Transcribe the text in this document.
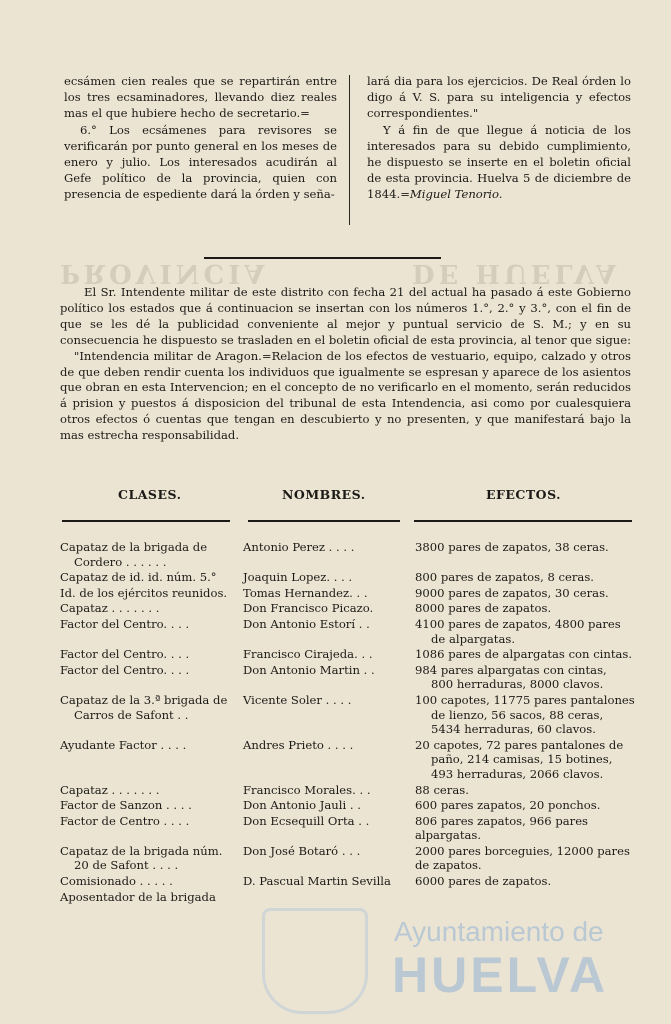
ecsámen cien reales que se repartirán entre los tres ecsaminadores, llevando diez reales mas el que hubiere hecho de secretario.=

6.° Los ecsámenes para revisores se verificarán por punto general en los meses de enero y julio. Los interesados acudirán al Gefe político de la provincia, quien con presencia de espediente dará la órden y seña-

lará dia para los ejercicios. De Real órden lo digo á V. S. para su inteligencia y efectos correspondientes."

Y á fin de que llegue á noticia de los interesados para su debido cumplimiento, he dispuesto se inserte en el boletin oficial de esta provincia. Huelva 5 de diciembre de 1844.=Miguel Tenorio.

PROVINCIA	DE HUELVA

El Sr. Intendente militar de este distrito con fecha 21 del actual ha pasado á este Gobierno político los estados que á continuacion se insertan con los números 1.°, 2.° y 3.°, con el fin de que se les dé la publicidad conveniente al mejor y puntual servicio de S. M.; y en su consecuencia he dispuesto se trasladen en el boletin oficial de esta provincia, al tenor que sigue:

"Intendencia militar de Aragon.=Relacion de los efectos de vestuario, equipo, calzado y otros de que deben rendir cuenta los individuos que igualmente se espresan y aparece de los asientos que obran en esta Intervencion; en el concepto de no verificarlo en el momento, serán reducidos á prision y puestos á disposicion del tribunal de esta Intendencia, asi como por cualesquiera otros efectos ó cuentas que tengan en descubierto y no presenten, y que manifestará bajo la mas estrecha responsabilidad.

CLASES.	NOMBRES.	EFECTOS.
Capataz de la brigada de
Cordero . . . . . .
Antonio Perez . . . .	3800 pares de zapatos, 38 ceras.
Capataz de id. id. núm. 5.°	Joaquin Lopez. . . .	800 pares de zapatos, 8 ceras.
Id. de los ejércitos reunidos.	Tomas Hernandez. . .	9000 pares de zapatos, 30 ceras.
Capataz . . . . . . .	Don Francisco Picazo.	8000 pares de zapatos.
Factor del Centro. . . .	Don Antonio Estorí . .	4100 pares de zapatos, 4800 pares
de alpargatas.
Factor del Centro. . . .	Francisco Cirajeda. . .	1086 pares de alpargatas con cintas.
Factor del Centro. . . .	Don Antonio Martin . .	984 pares alpargatas con cintas,
800 herraduras, 8000 clavos.
Capataz de la 3.ª brigada de
Carros de Safont . .
Vicente Soler . . . .	100 capotes, 11775 pares pantalones
de lienzo, 56 sacos, 88 ceras, 5434 herraduras, 60 clavos.
Ayudante Factor . . . .	Andres Prieto . . . .	20 capotes, 72 pares pantalones de
paño, 214 camisas, 15 botines, 493 herraduras, 2066 clavos.
Capataz . . . . . . .	Francisco Morales. . .	88 ceras.
Factor de Sanzon . . . .	Don Antonio Jauli . .	600 pares zapatos, 20 ponchos.
Factor de Centro . . . .	Don Ecsequill Orta . .	806 pares zapatos, 966 pares alpargatas.
Capataz de la brigada núm.
20 de Safont . . . .
Don José Botaró . . .	2000 pares borceguies, 12000 pares de zapatos.
Comisionado . . . . .	D. Pascual Martin Sevilla	6000 pares de zapatos.
Aposentador de la brigada
Ayuntamiento de
HUELVA
